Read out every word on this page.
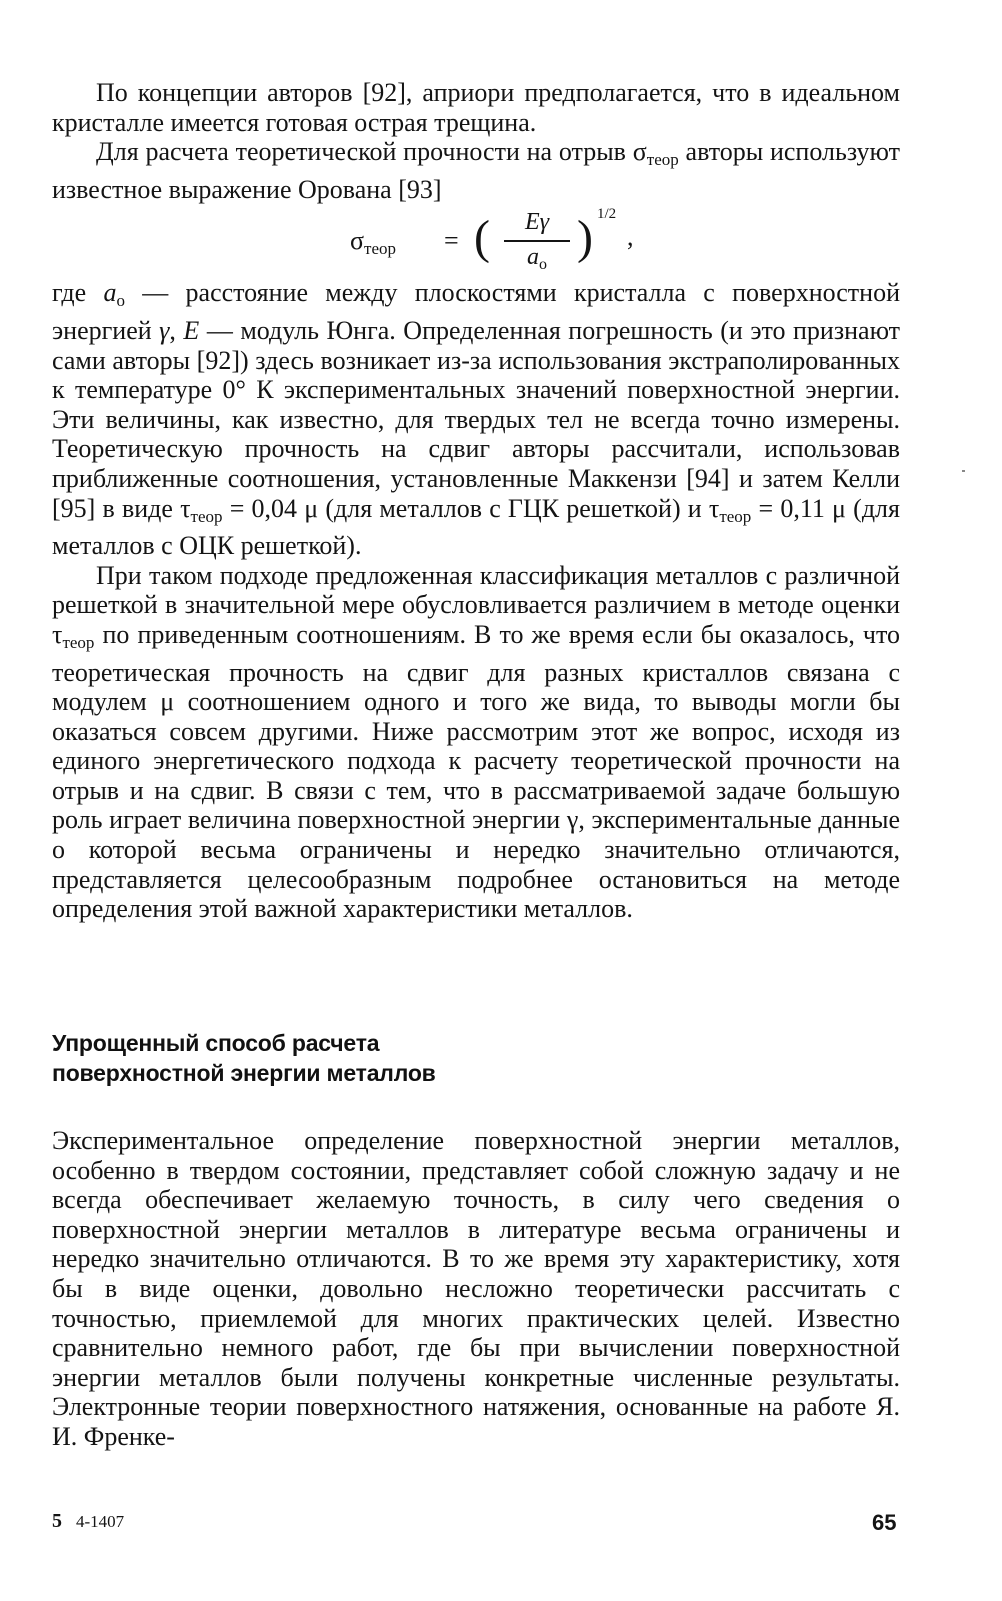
По концепции авторов [92], априори предполагается, что в идеальном кристалле имеется готовая острая трещина.

Для расчета теоретической прочности на отрыв $\sigma_{теор}$ авторы используют известное выражение Орована [93]

$\sigma_{теор}$ = (	Eγ
$a_o$
) 1/2
,

где $a_o$ — расстояние между плоскостями кристалла с поверхностной энергией γ, E — модуль Юнга. Определенная погрешность (и это признают сами авторы [92]) здесь возникает из-за использования экстраполированных к температуре 0° К экспериментальных значений поверхностной энергии. Эти величины, как известно, для твердых тел не всегда точно измерены. Теоретическую прочность на сдвиг авторы рассчитали, использовав приближенные соотношения, установленные Маккензи [94] и затем Келли [95] в виде $\tau_{теор} = 0,04$ μ (для металлов с ГЦК решеткой) и $\tau_{теор} = 0,11$ μ (для металлов с ОЦК решеткой).

При таком подходе предложенная классификация металлов с различной решеткой в значительной мере обусловливается различием в методе оценки $\tau_{теор}$ по приведенным соотношениям. В то же время если бы оказалось, что теоретическая прочность на сдвиг для разных кристаллов связана с модулем μ соотношением одного и того же вида, то выводы могли бы оказаться совсем другими. Ниже рассмотрим этот же вопрос, исходя из единого энергетического подхода к расчету теоретической прочности на отрыв и на сдвиг. В связи с тем, что в рассматриваемой задаче большую роль играет величина поверхностной энергии γ, экспериментальные данные о которой весьма ограничены и нередко значительно отличаются, представляется целесообразным подробнее остановиться на методе определения этой важной характеристики металлов.

Упрощенный способ расчета
поверхностной энергии металлов

Экспериментальное определение поверхностной энергии металлов, особенно в твердом состоянии, представляет собой сложную задачу и не всегда обеспечивает желаемую точность, в силу чего сведения о поверхностной энергии металлов в литературе весьма ограничены и нередко значительно отличаются. В то же время эту характеристику, хотя бы в виде оценки, довольно несложно теоретически рассчитать с точностью, приемлемой для многих практических целей. Известно сравнительно немного работ, где бы при вычислении поверхностной энергии металлов были получены конкретные численные результаты. Электронные теории поверхностного натяжения, основанные на работе Я. И. Френке-

5 4-1407	65
